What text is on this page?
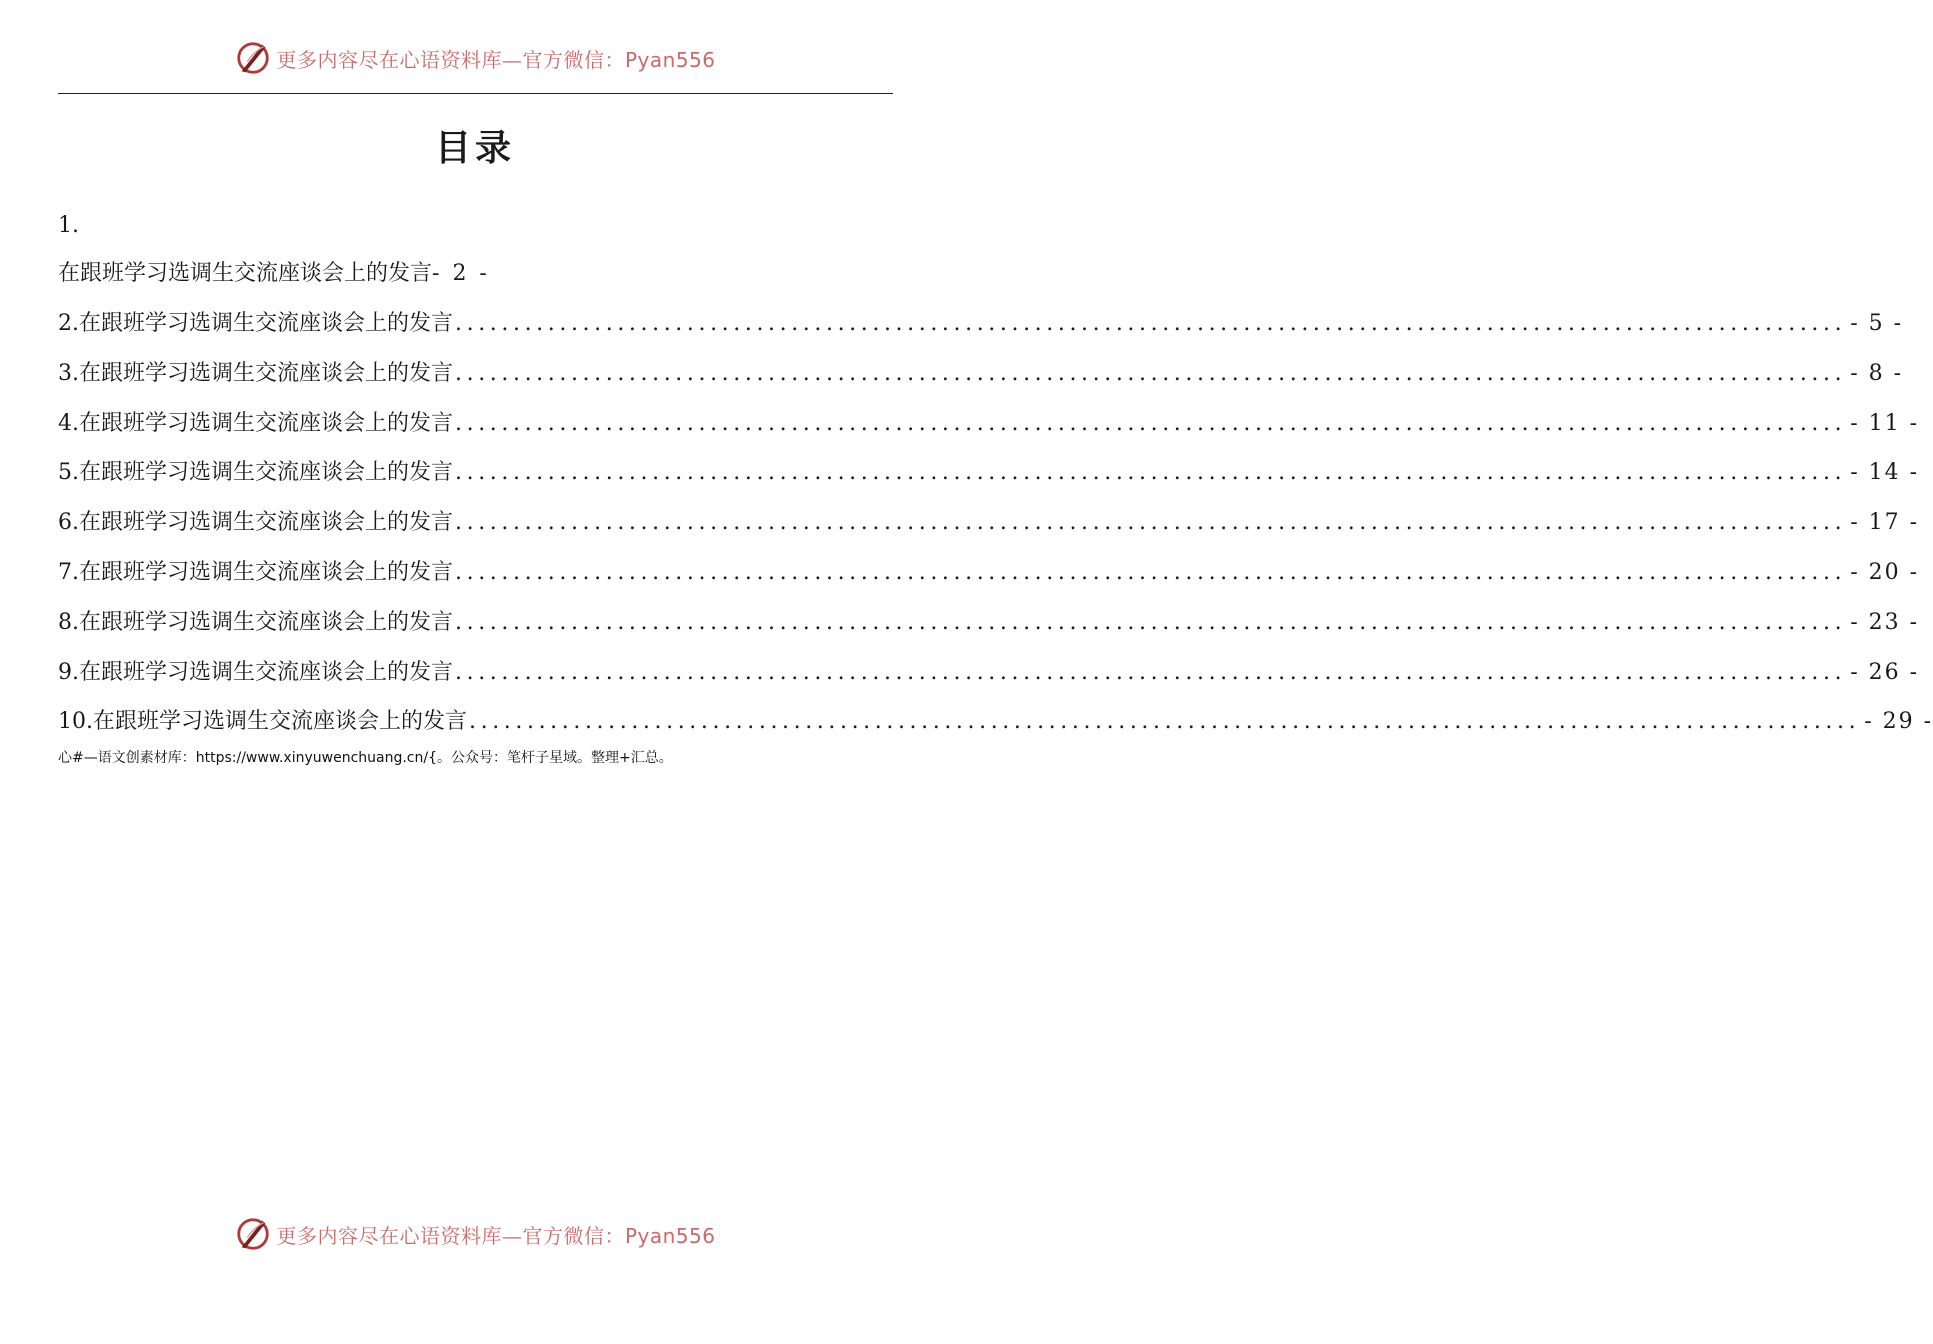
更多内容尽在心语资料库—官方微信：Pyan556
目录
1.
在跟班学习选调生交流座谈会上的发言- 2 -
2. 在跟班学习选调生交流座谈会上的发言 ........................................................................................................................ - 5 -
3. 在跟班学习选调生交流座谈会上的发言 ........................................................................................................................ - 8 -
4. 在跟班学习选调生交流座谈会上的发言 ........................................................................................................................ - 11 -
5. 在跟班学习选调生交流座谈会上的发言 ........................................................................................................................ - 14 -
6. 在跟班学习选调生交流座谈会上的发言 ........................................................................................................................ - 17 -
7. 在跟班学习选调生交流座谈会上的发言 ........................................................................................................................ - 20 -
8. 在跟班学习选调生交流座谈会上的发言 ........................................................................................................................ - 23 -
9. 在跟班学习选调生交流座谈会上的发言 ........................................................................................................................ - 26 -
10. 在跟班学习选调生交流座谈会上的发言 ........................................................................................................................ - 29 -
心#—语文创素材库：https://www.xinyuwenchuang.cn/{。公众号：笔杆子星域。整理+汇总。
更多内容尽在心语资料库—官方微信：Pyan556
